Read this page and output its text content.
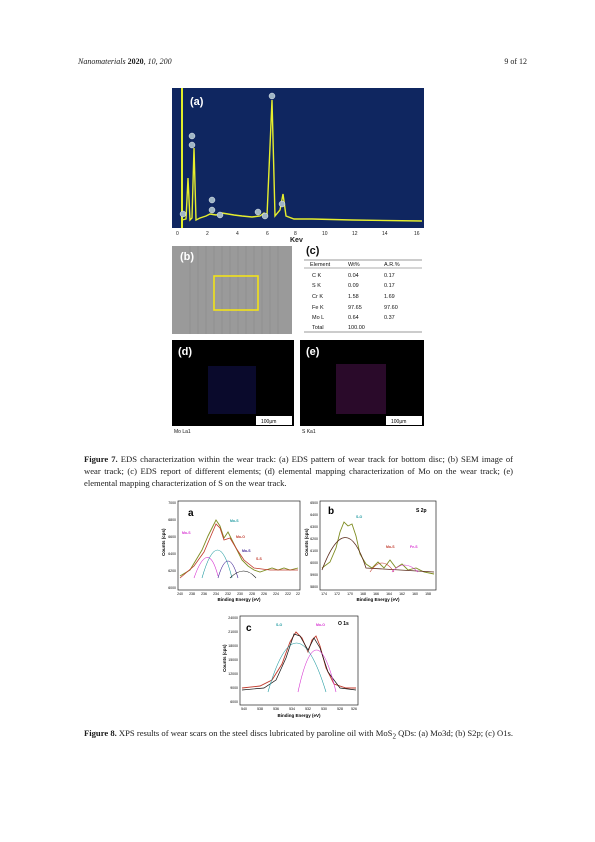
Nanomaterials 2020, 10, 200	9 of 12
(a)
0	2	4	6	8	10	12	14	16
Kev
(b)	(c)
Element	Wt%	A.R.%
C K	0.04	0.17
S K	0.09	0.17
Cr K	1.58	1.69
Fe K	97.65	97.60
Mo L	0.64	0.37
Total	100.00
(d)
100μm
Mo La1
(e)
100μm
S Ka1
Figure 7. EDS characterization within the wear track: (a) EDS pattern of wear track for bottom disc; (b) SEM image of wear track; (c) EDS report of different elements; (d) elemental mapping characterization of Mo on the wear track; (e) elemental mapping characterization of S on the wear track.
a
Counts (cps)
7000
6800
6600
6400
6200
6000
240 238 236 234 232 230 228 226 224 222 22
Binding Energy (eV)
Mo-S
Mo-S
Mo-O
Mo-S
S-S
b	S 2p
Counts (cps)
6500
6400
6300
6200
6100
6000
5900
5800
174 172 170 168 166 164 162 160 158
Binding Energy (eV)
S-O
Mo-S	Fe-S
c	O 1s
Counts (cps)
24000
21000
18000
15000
12000
9000
6000
540	538	536	534	532	530	528 526
Binding Energy (eV)
S-O	Mo-O
Figure 8. XPS results of wear scars on the steel discs lubricated by paroline oil with MoS$_2$ QDs: (a) Mo3d; (b) S2p; (c) O1s.
